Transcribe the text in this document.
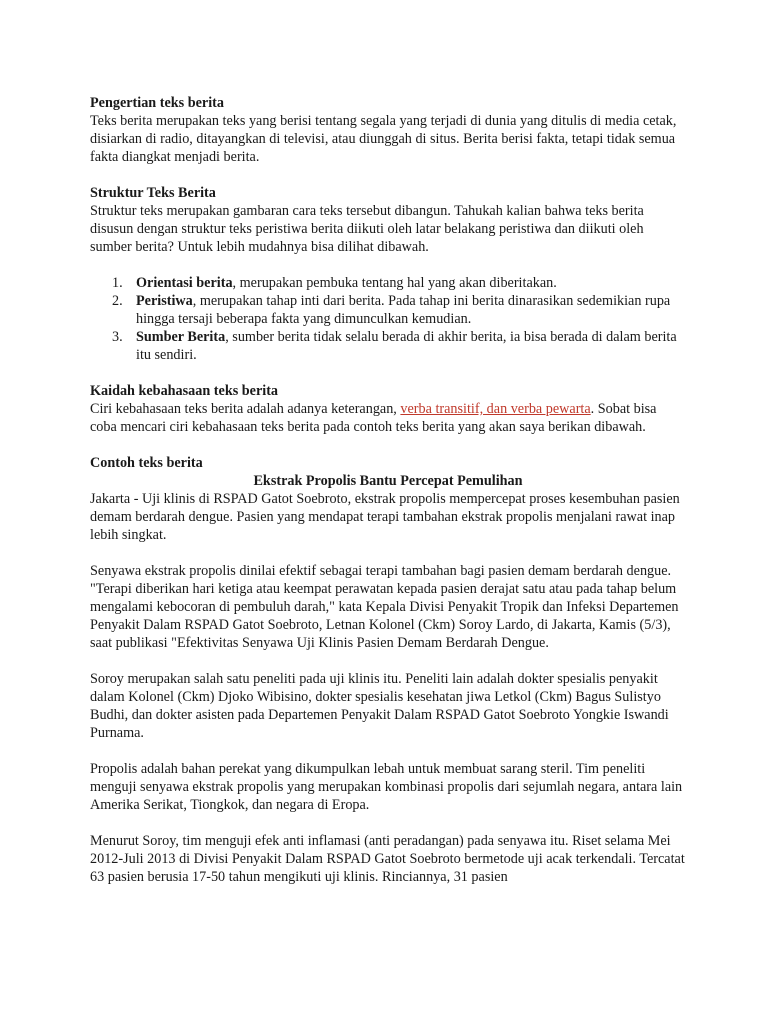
Pengertian teks berita

Teks berita merupakan teks yang berisi tentang segala yang terjadi di dunia yang ditulis di media cetak, disiarkan di radio, ditayangkan di televisi, atau diunggah di situs. Berita berisi fakta, tetapi tidak semua fakta diangkat menjadi berita.

Struktur Teks Berita

Struktur teks merupakan gambaran cara teks tersebut dibangun. Tahukah kalian bahwa teks berita disusun dengan struktur teks peristiwa berita diikuti oleh latar belakang peristiwa dan diikuti oleh sumber berita? Untuk lebih mudahnya bisa dilihat dibawah.

1. Orientasi berita, merupakan pembuka tentang hal yang akan diberitakan.
2. Peristiwa, merupakan tahap inti dari berita. Pada tahap ini berita dinarasikan sedemikian rupa hingga tersaji beberapa fakta yang dimunculkan kemudian.
3. Sumber Berita, sumber berita tidak selalu berada di akhir berita, ia bisa berada di dalam berita itu sendiri.
Kaidah kebahasaan teks berita

Ciri kebahasaan teks berita adalah adanya keterangan, verba transitif, dan verba pewarta. Sobat bisa coba mencari ciri kebahasaan teks berita pada contoh teks berita yang akan saya berikan dibawah.

Contoh teks berita
Ekstrak Propolis Bantu Percepat Pemulihan

Jakarta - Uji klinis di RSPAD Gatot Soebroto, ekstrak propolis mempercepat proses kesembuhan pasien demam berdarah dengue. Pasien yang mendapat terapi tambahan ekstrak propolis menjalani rawat inap lebih singkat.

Senyawa ekstrak propolis dinilai efektif sebagai terapi tambahan bagi pasien demam berdarah dengue. "Terapi diberikan hari ketiga atau keempat perawatan kepada pasien derajat satu atau pada tahap belum mengalami kebocoran di pembuluh darah," kata Kepala Divisi Penyakit Tropik dan Infeksi Departemen Penyakit Dalam RSPAD Gatot Soebroto, Letnan Kolonel (Ckm) Soroy Lardo, di Jakarta, Kamis (5/3), saat publikasi "Efektivitas Senyawa Uji Klinis Pasien Demam Berdarah Dengue.

Soroy merupakan salah satu peneliti pada uji klinis itu. Peneliti lain adalah dokter spesialis penyakit dalam Kolonel (Ckm) Djoko Wibisino, dokter spesialis kesehatan jiwa Letkol (Ckm) Bagus Sulistyo Budhi, dan dokter asisten pada Departemen Penyakit Dalam RSPAD Gatot Soebroto Yongkie Iswandi Purnama.

Propolis adalah bahan perekat yang dikumpulkan lebah untuk membuat sarang steril. Tim peneliti menguji senyawa ekstrak propolis yang merupakan kombinasi propolis dari sejumlah negara, antara lain Amerika Serikat, Tiongkok, dan negara di Eropa.

Menurut Soroy, tim menguji efek anti inflamasi (anti peradangan) pada senyawa itu. Riset selama Mei 2012-Juli 2013 di Divisi Penyakit Dalam RSPAD Gatot Soebroto bermetode uji acak terkendali. Tercatat 63 pasien berusia 17-50 tahun mengikuti uji klinis. Rinciannya, 31 pasien
